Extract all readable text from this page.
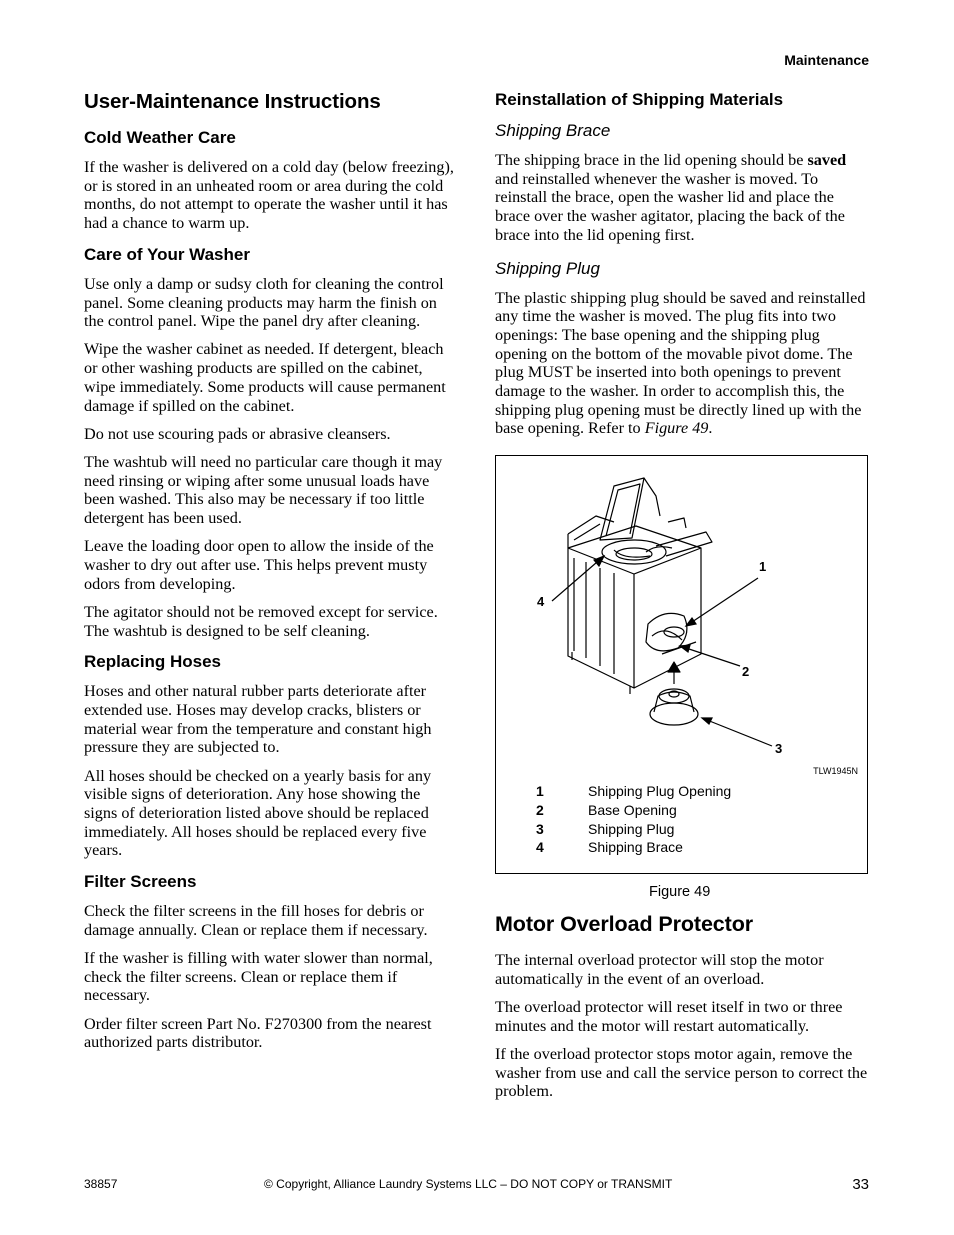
Maintenance
User-Maintenance Instructions
Cold Weather Care

If the washer is delivered on a cold day (below freezing), or is stored in an unheated room or area during the cold months, do not attempt to operate the washer until it has had a chance to warm up.

Care of Your Washer

Use only a damp or sudsy cloth for cleaning the control panel. Some cleaning products may harm the finish on the control panel. Wipe the panel dry after cleaning.

Wipe the washer cabinet as needed. If detergent, bleach or other washing products are spilled on the cabinet, wipe immediately. Some products will cause permanent damage if spilled on the cabinet.

Do not use scouring pads or abrasive cleansers.

The washtub will need no particular care though it may need rinsing or wiping after some unusual loads have been washed. This also may be necessary if too little detergent has been used.

Leave the loading door open to allow the inside of the washer to dry out after use. This helps prevent musty odors from developing.

The agitator should not be removed except for service. The washtub is designed to be self cleaning.

Replacing Hoses

Hoses and other natural rubber parts deteriorate after extended use. Hoses may develop cracks, blisters or material wear from the temperature and constant high pressure they are subjected to.

All hoses should be checked on a yearly basis for any visible signs of deterioration. Any hose showing the signs of deterioration listed above should be replaced immediately. All hoses should be replaced every five years.

Filter Screens

Check the filter screens in the fill hoses for debris or damage annually. Clean or replace them if necessary.

If the washer is filling with water slower than normal, check the filter screens. Clean or replace them if necessary.

Order filter screen Part No. F270300 from the nearest authorized parts distributor.

Reinstallation of Shipping Materials
Shipping Brace

The shipping brace in the lid opening should be saved and reinstalled whenever the washer is moved. To reinstall the brace, open the washer lid and place the brace over the washer agitator, placing the back of the brace into the lid opening first.

Shipping Plug

The plastic shipping plug should be saved and reinstalled any time the washer is moved. The plug fits into two openings: The base opening and the shipping plug opening on the bottom of the movable pivot dome. The plug MUST be inserted into both openings to prevent damage to the washer. In order to accomplish this, the shipping plug opening must be directly lined up with the base opening. Refer to Figure 49.

1
2
3
4
TLW1945N
1	Shipping Plug Opening
2	Base Opening
3	Shipping Plug
4	Shipping Brace
Figure 49
Motor Overload Protector

The internal overload protector will stop the motor automatically in the event of an overload.

The overload protector will reset itself in two or three minutes and the motor will restart automatically.

If the overload protector stops motor again, remove the washer from use and call the service person to correct the problem.

38857	© Copyright, Alliance Laundry Systems LLC – DO NOT COPY or TRANSMIT	33
